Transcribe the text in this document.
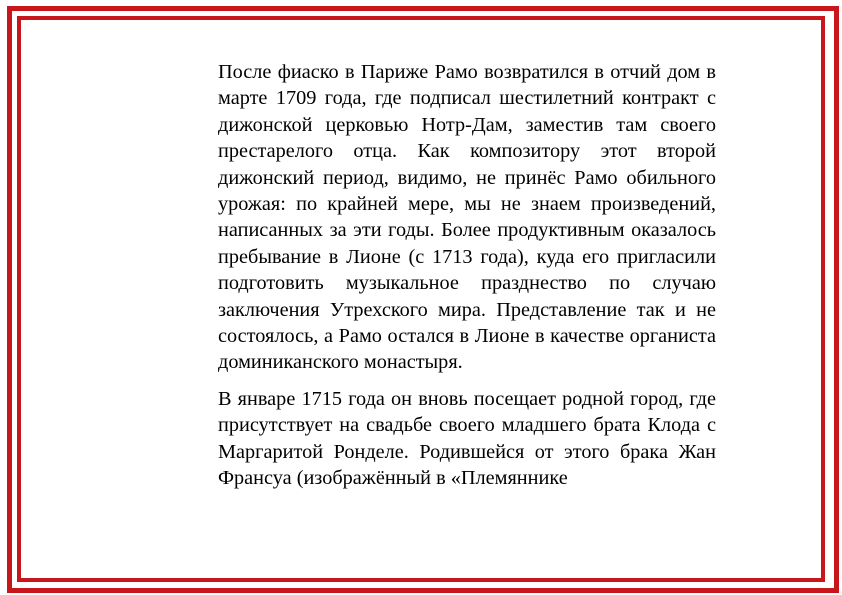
После фиаско в Париже Рамо возвратился в отчий дом в марте 1709 года, где подписал шестилетний контракт с дижонской церковью Нотр-Дам, заместив там своего престарелого отца. Как композитору этот второй дижонский период, видимо, не принёс Рамо обильного урожая: по крайней мере, мы не знаем произведений, написанных за эти годы. Более продуктивным оказалось пребывание в Лионе (с 1713 года), куда его пригласили подготовить музыкальное празднество по случаю заключения Утрехского мира. Представление так и не состоялось, а Рамо остался в Лионе в качестве органиста доминиканского монастыря.

В январе 1715 года он вновь посещает родной город, где присутствует на свадьбе своего младшего брата Клода с Маргаритой Ронделе. Родившейся от этого брака Жан Франсуа (изображённый в «Племяннике
